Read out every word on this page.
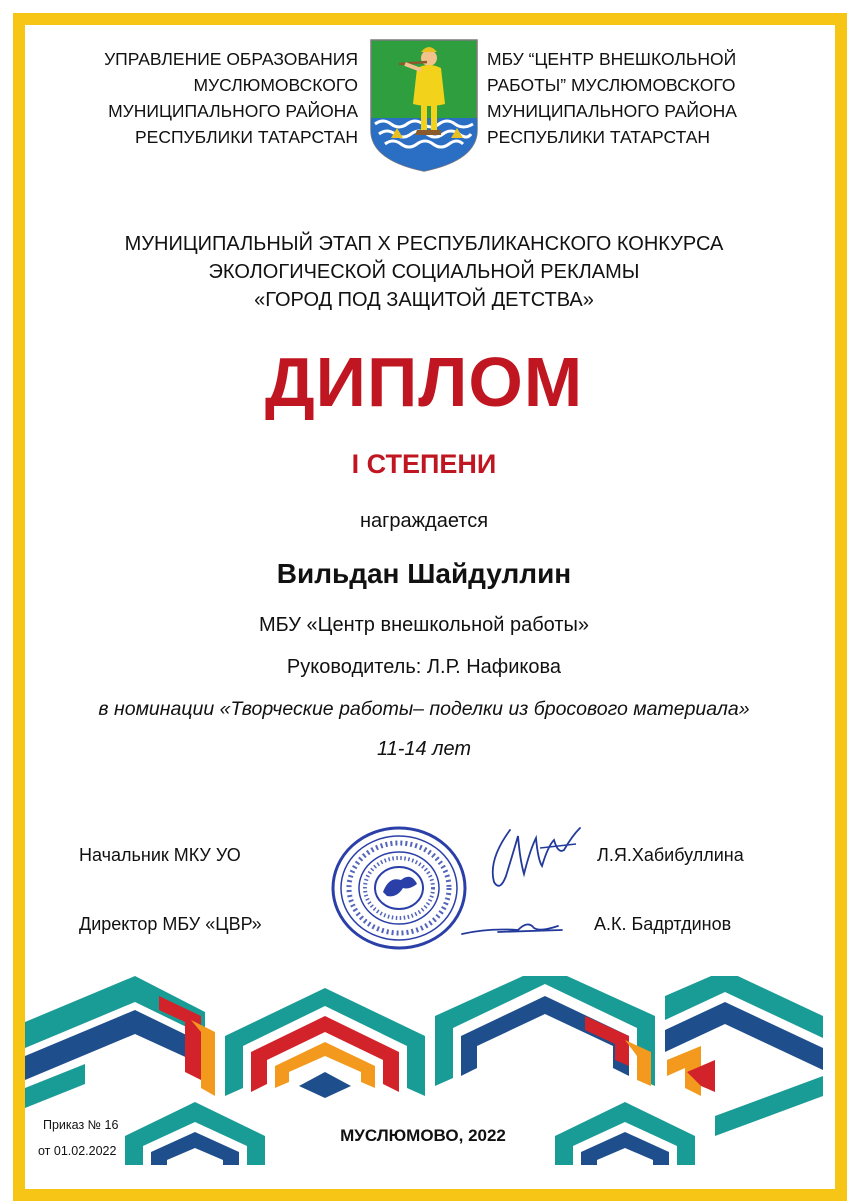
УПРАВЛЕНИЕ ОБРАЗОВАНИЯ
МУСЛЮМОВСКОГО
МУНИЦИПАЛЬНОГО РАЙОНА
РЕСПУБЛИКИ ТАТАРСТАН
МБУ “ЦЕНТР ВНЕШКОЛЬНОЙ
РАБОТЫ” МУСЛЮМОВСКОГО
МУНИЦИПАЛЬНОГО РАЙОНА
РЕСПУБЛИКИ ТАТАРСТАН
МУНИЦИПАЛЬНЫЙ ЭТАП X РЕСПУБЛИКАНСКОГО КОНКУРСА
ЭКОЛОГИЧЕСКОЙ СОЦИАЛЬНОЙ РЕКЛАМЫ
«ГОРОД ПОД ЗАЩИТОЙ ДЕТСТВА»
ДИПЛОМ
I СТЕПЕНИ
награждается
Вильдан Шайдуллин
МБУ «Центр внешкольной работы»
Руководитель: Л.Р. Нафикова
в номинации «Творческие работы– поделки из бросового материала»
11-14 лет
Начальник МКУ УО	Л.Я.Хабибуллина
Директор МБУ «ЦВР»	А.К. Бадртдинов
Приказ № 16
от 01.02.2022
МУСЛЮМОВО, 2022
